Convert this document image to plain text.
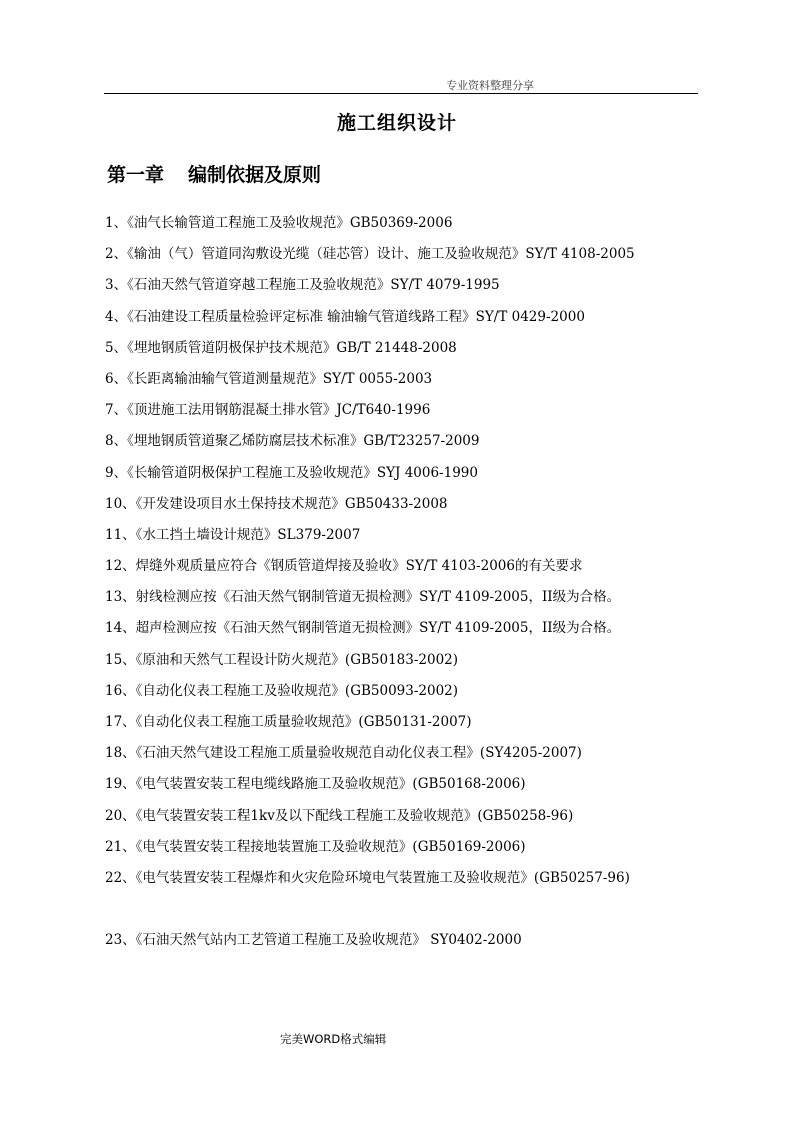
专业资料整理分享
施工组织设计
第一章 编制依据及原则
1、《油气长输管道工程施工及验收规范》GB50369-2006
2、《输油（气）管道同沟敷设光缆（硅芯管）设计、施工及验收规范》SY/T 4108-2005
3、《石油天然气管道穿越工程施工及验收规范》SY/T 4079-1995
4、《石油建设工程质量检验评定标准 输油输气管道线路工程》SY/T 0429-2000
5、《埋地钢质管道阴极保护技术规范》GB/T 21448-2008
6、《长距离输油输气管道测量规范》SY/T 0055-2003
7、《顶进施工法用钢筋混凝土排水管》JC/T640-1996
8、《埋地钢质管道聚乙烯防腐层技术标准》GB/T23257-2009
9、《长输管道阴极保护工程施工及验收规范》SYJ 4006-1990
10、《开发建设项目水土保持技术规范》GB50433-2008
11、《水工挡土墙设计规范》SL379-2007
12、焊缝外观质量应符合《钢质管道焊接及验收》SY/T 4103-2006的有关要求
13、射线检测应按《石油天然气钢制管道无损检测》SY/T 4109-2005，II级为合格。
14、超声检测应按《石油天然气钢制管道无损检测》SY/T 4109-2005，II级为合格。
15、《原油和天然气工程设计防火规范》(GB50183-2002)
16、《自动化仪表工程施工及验收规范》(GB50093-2002)
17、《自动化仪表工程施工质量验收规范》(GB50131-2007)
18、《石油天然气建设工程施工质量验收规范自动化仪表工程》(SY4205-2007)
19、《电气装置安装工程电缆线路施工及验收规范》(GB50168-2006)
20、《电气装置安装工程1kv及以下配线工程施工及验收规范》(GB50258-96)
21、《电气装置安装工程接地装置施工及验收规范》(GB50169-2006)
22、《电气装置安装工程爆炸和火灾危险环境电气装置施工及验收规范》(GB50257-96)
23、《石油天然气站内工艺管道工程施工及验收规范》 SY0402-2000
完美WORD格式编辑
